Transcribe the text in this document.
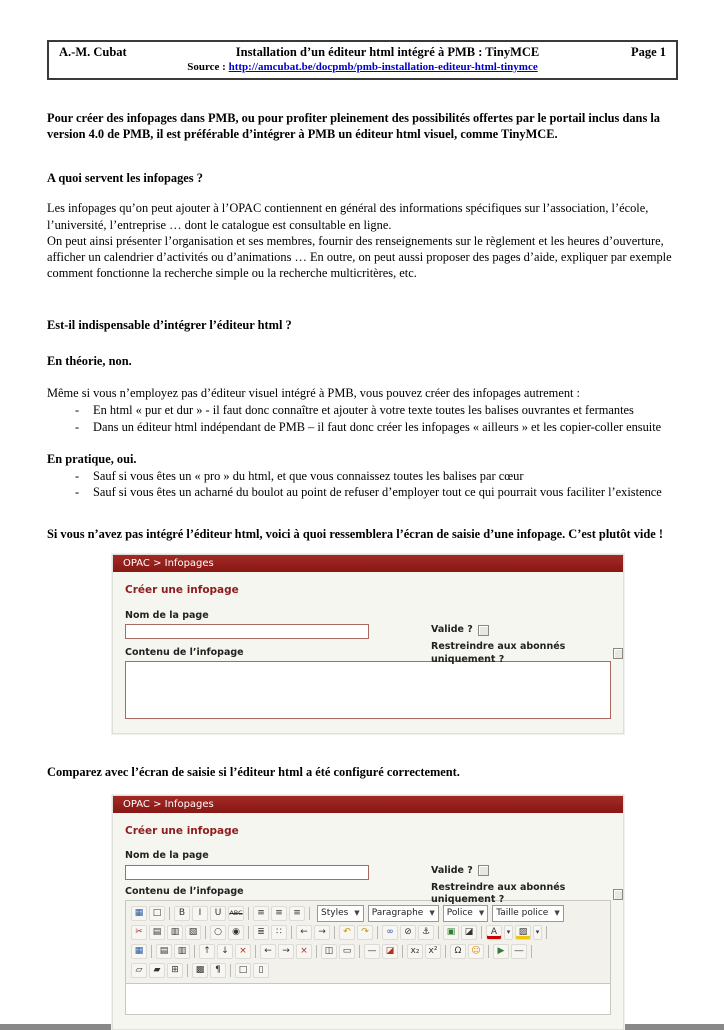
A.-M. Cubat	Installation d’un éditeur html intégré à PMB : TinyMCE	Page 1
Source : http://amcubat.be/docpmb/pmb-installation-editeur-html-tinymce
Pour créer des infopages dans PMB, ou pour profiter pleinement des possibilités offertes par le portail inclus dans la version 4.0 de PMB, il est préférable d’intégrer à PMB un éditeur html visuel, comme TinyMCE.
A quoi servent les infopages ?
Les infopages qu’on peut ajouter à l’OPAC contiennent en général des informations spécifiques sur l’association, l’école, l’université, l’entreprise … dont le catalogue est consultable en ligne.
On peut ainsi présenter l’organisation et ses membres, fournir des renseignements sur le règlement et les heures d’ouverture, afficher un calendrier d’activités ou d’animations … En outre, on peut aussi proposer des pages d’aide, expliquer par exemple comment fonctionne la recherche simple ou la recherche multicritères, etc.
Est-il indispensable d’intégrer l’éditeur html ?
En théorie, non.
Même si vous n’employez pas d’éditeur visuel intégré à PMB, vous pouvez créer des infopages autrement :
- En html « pur et dur » - il faut donc connaître et ajouter à votre texte toutes les balises ouvrantes et fermantes
- Dans un éditeur html indépendant de PMB – il faut donc créer les infopages « ailleurs » et les copier-coller ensuite
En pratique, oui.
- Sauf si vous êtes un « pro » du html, et que vous connaissez toutes les balises par cœur
- Sauf si vous êtes un acharné du boulot au point de refuser d’employer tout ce qui pourrait vous faciliter l’existence
Si vous n’avez pas intégré l’éditeur html, voici à quoi ressemblera l’écran de saisie d’une infopage. C’est plutôt vide !
OPAC > Infopages
Créer une infopage
Nom de la page
Valide ?
Restreindre aux abonnés uniquement ?
Contenu de l’infopage
Comparez avec l’écran de saisie si l’éditeur html a été configuré correctement.
OPAC > Infopages
Créer une infopage
Nom de la page
Valide ?
Restreindre aux abonnés uniquement ?
Contenu de l’infopage
▦	□	B	I	U	ABC	≡	≡	≡	Styles ▼ Paragraphe ▼ Police ▼ Taille police ▼
✂	▤	▥	▧	○	◉	≣	∷	←	→	↶	↷	∞	⊘	⚓	▣	◪	A	▾ ▨	▾
▦	▤	▥	↑	↓	×	←	→	×	◫	▭	—	◪	x₂	x²	Ω	☺	▶	―
▱	▰	⊞	▩	¶	□	▯
